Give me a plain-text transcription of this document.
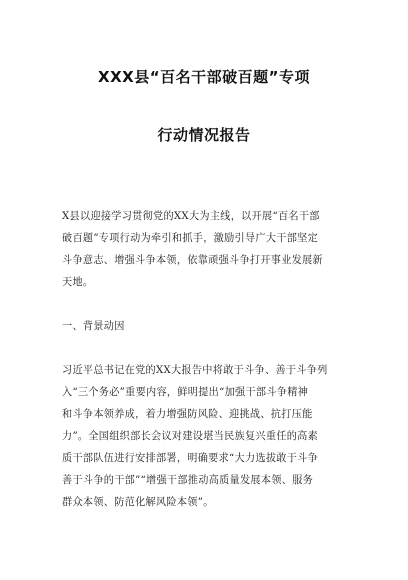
XXX县“百名干部破百题”专项
行动情况报告
X县以迎接学习贯彻党的XX大为主线，以开展“百名干部
破百题”专项行动为牵引和抓手，激励引导广大干部坚定
斗争意志、增强斗争本领，依靠顽强斗争打开事业发展新
天地。
一、背景动因
习近平总书记在党的XX大报告中将敢于斗争、善于斗争列
入“三个务必”重要内容，鲜明提出“加强干部斗争精神
和斗争本领养成，着力增强防风险、迎挑战、抗打压能
力”。全国组织部长会议对建设堪当民族复兴重任的高素
质干部队伍进行安排部署，明确要求“大力选拔敢于斗争
善于斗争的干部”“增强干部推动高质量发展本领、服务
群众本领、防范化解风险本领”。
